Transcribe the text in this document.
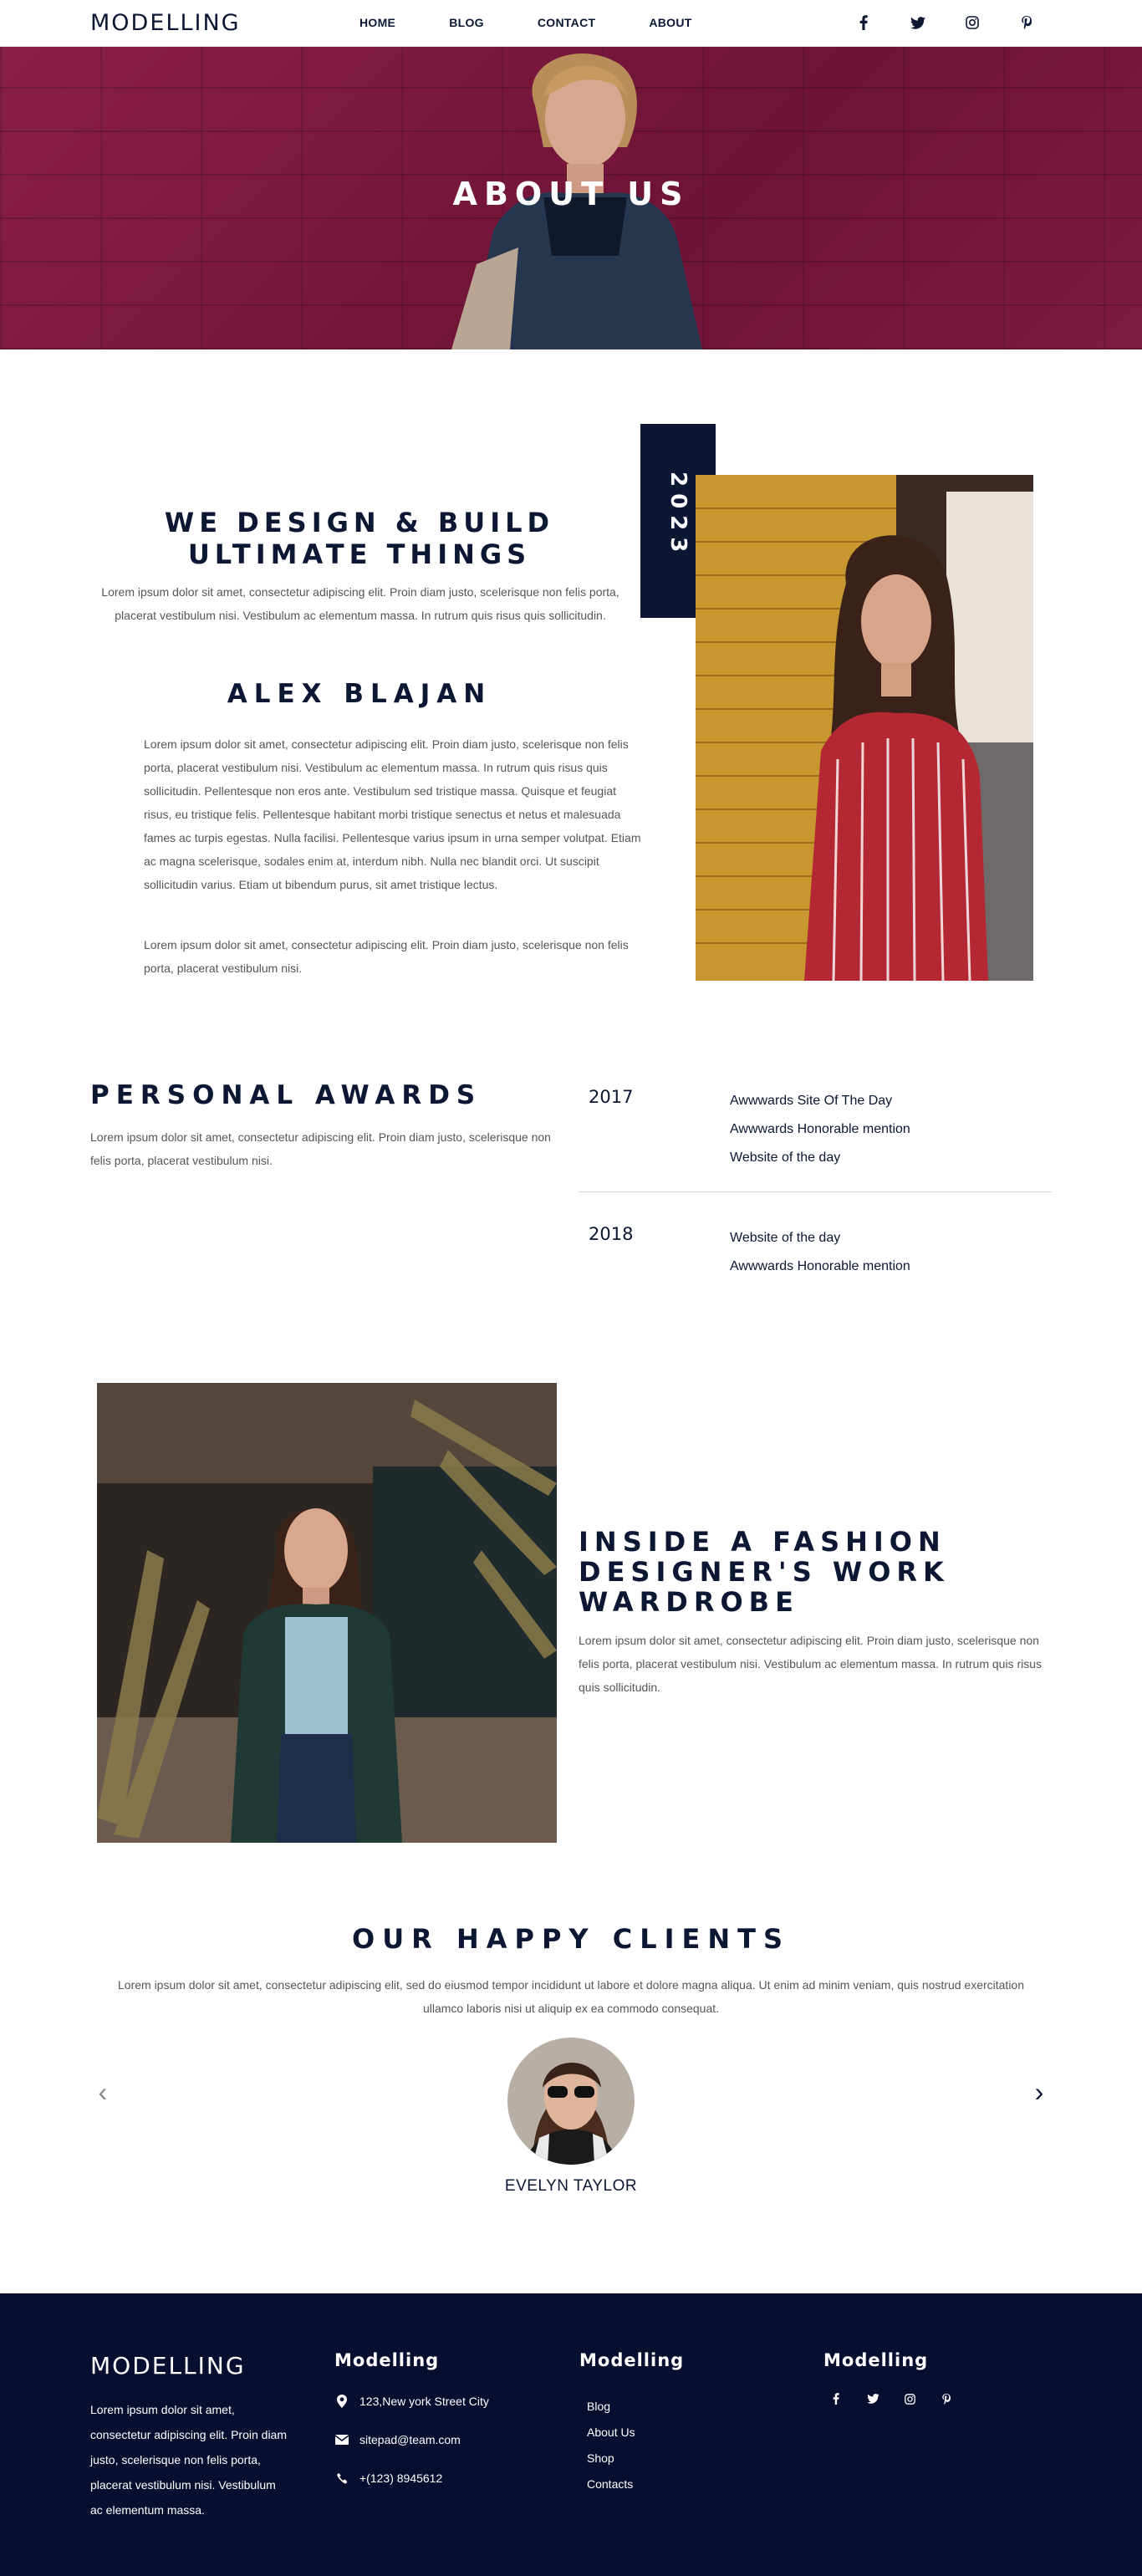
MODELLING	HOME	BLOG	CONTACT	ABOUT
ABOUT US
WE DESIGN & BUILD
ULTIMATE THINGS
Lorem ipsum dolor sit amet, consectetur adipiscing elit. Proin diam justo, scelerisque non felis porta, placerat vestibulum nisi. Vestibulum ac elementum massa. In rutrum quis risus quis sollicitudin.
ALEX BLAJAN
Lorem ipsum dolor sit amet, consectetur adipiscing elit. Proin diam justo, scelerisque non felis porta, placerat vestibulum nisi. Vestibulum ac elementum massa. In rutrum quis risus quis sollicitudin. Pellentesque non eros ante. Vestibulum sed tristique massa. Quisque et feugiat risus, eu tristique felis. Pellentesque habitant morbi tristique senectus et netus et malesuada fames ac turpis egestas. Nulla facilisi. Pellentesque varius ipsum in urna semper volutpat. Etiam ac magna scelerisque, sodales enim at, interdum nibh. Nulla nec blandit orci. Ut suscipit sollicitudin varius. Etiam ut bibendum purus, sit amet tristique lectus.
Lorem ipsum dolor sit amet, consectetur adipiscing elit. Proin diam justo, scelerisque non felis porta, placerat vestibulum nisi.
2023
PERSONAL AWARDS
Lorem ipsum dolor sit amet, consectetur adipiscing elit. Proin diam justo, scelerisque non felis porta, placerat vestibulum nisi.
2017	Awwwards Site Of The Day
Awwwards Honorable mention
Website of the day
2018	Website of the day
Awwwards Honorable mention
INSIDE A FASHION
DESIGNER'S WORK
WARDROBE
Lorem ipsum dolor sit amet, consectetur adipiscing elit. Proin diam justo, scelerisque non felis porta, placerat vestibulum nisi. Vestibulum ac elementum massa. In rutrum quis risus quis sollicitudin.
OUR HAPPY CLIENTS
Lorem ipsum dolor sit amet, consectetur adipiscing elit, sed do eiusmod tempor incididunt ut labore et dolore magna aliqua. Ut enim ad minim veniam, quis nostrud exercitation ullamco laboris nisi ut aliquip ex ea commodo consequat.
‹	›
EVELYN TAYLOR
MODELLING
Lorem ipsum dolor sit amet, consectetur adipiscing elit. Proin diam justo, scelerisque non felis porta, placerat vestibulum nisi. Vestibulum ac elementum massa.
Modelling
123,New york Street City
sitepad@team.com
+(123) 8945612
Modelling
Blog
About Us
Shop
Contacts
Modelling
